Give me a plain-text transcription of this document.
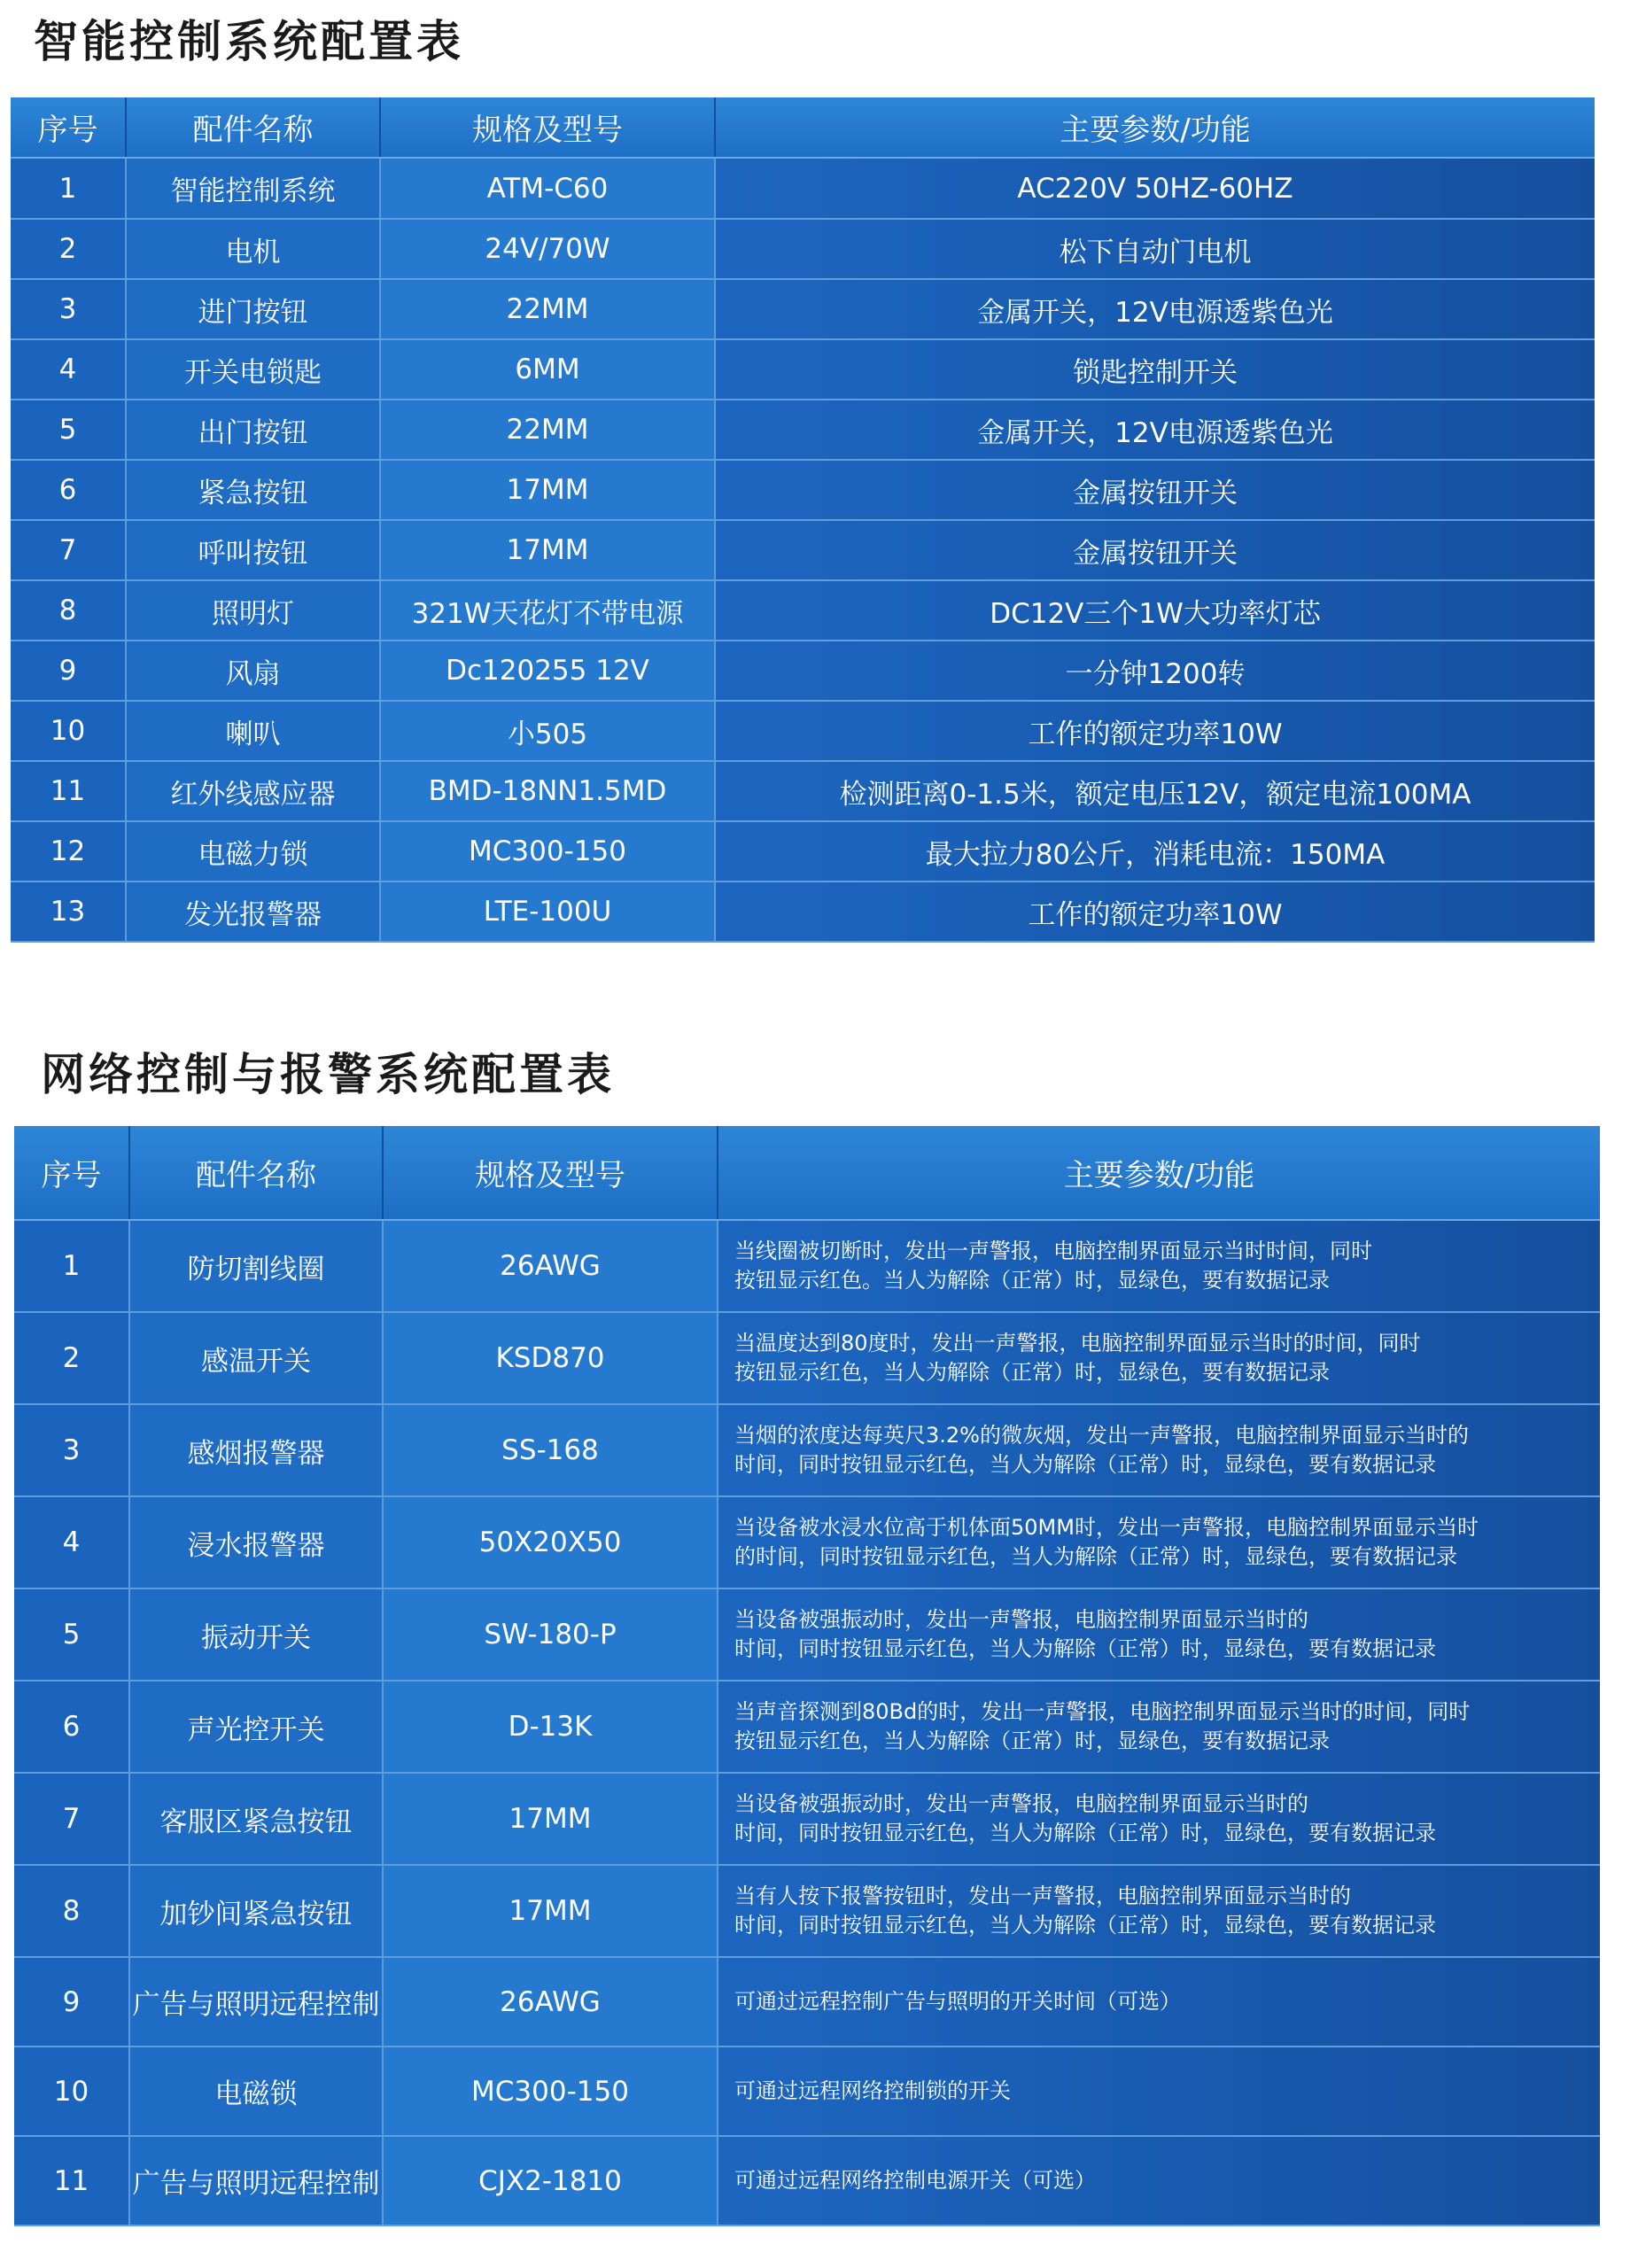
智能控制系统配置表
序号	配件名称	规格及型号	主要参数/功能
1	智能控制系统	ATM-C60	AC220V 50HZ-60HZ
2	电机	24V/70W	松下自动门电机
3	进门按钮	22MM	金属开关，12V电源透紫色光
4	开关电锁匙	6MM	锁匙控制开关
5	出门按钮	22MM	金属开关，12V电源透紫色光
6	紧急按钮	17MM	金属按钮开关
7	呼叫按钮	17MM	金属按钮开关
8	照明灯	321W天花灯不带电源	DC12V三个1W大功率灯芯
9	风扇	Dc120255 12V	一分钟1200转
10	喇叭	小505	工作的额定功率10W
11	红外线感应器	BMD-18NN1.5MD	检测距离0-1.5米，额定电压12V，额定电流100MA
12	电磁力锁	MC300-150	最大拉力80公斤，消耗电流：150MA
13	发光报警器	LTE-100U	工作的额定功率10W
网络控制与报警系统配置表
序号	配件名称	规格及型号	主要参数/功能
1	防切割线圈	26AWG	当线圈被切断时，发出一声警报，电脑控制界面显示当时时间，同时
按钮显示红色。当人为解除（正常）时，显绿色，要有数据记录

2	感温开关	KSD870	当温度达到80度时，发出一声警报，电脑控制界面显示当时的时间，同时
按钮显示红色，当人为解除（正常）时，显绿色，要有数据记录

3	感烟报警器	SS-168	当烟的浓度达每英尺3.2%的微灰烟，发出一声警报，电脑控制界面显示当时的
时间，同时按钮显示红色，当人为解除（正常）时，显绿色，要有数据记录

4	浸水报警器	50X20X50	当设备被水浸水位高于机体面50MM时，发出一声警报，电脑控制界面显示当时
的时间，同时按钮显示红色，当人为解除（正常）时，显绿色，要有数据记录

5	振动开关	SW-180-P	当设备被强振动时，发出一声警报，电脑控制界面显示当时的
时间，同时按钮显示红色，当人为解除（正常）时，显绿色，要有数据记录

6	声光控开关	D-13K	当声音探测到80Bd的时，发出一声警报，电脑控制界面显示当时的时间，同时
按钮显示红色，当人为解除（正常）时，显绿色，要有数据记录

7	客服区紧急按钮	17MM	当设备被强振动时，发出一声警报，电脑控制界面显示当时的
时间，同时按钮显示红色，当人为解除（正常）时，显绿色，要有数据记录

8	加钞间紧急按钮	17MM	当有人按下报警按钮时，发出一声警报，电脑控制界面显示当时的
时间，同时按钮显示红色，当人为解除（正常）时，显绿色，要有数据记录

9	广告与照明远程控制	26AWG	可通过远程控制广告与照明的开关时间（可选）

10	电磁锁	MC300-150	可通过远程网络控制锁的开关

11	广告与照明远程控制	CJX2-1810	可通过远程网络控制电源开关（可选）
